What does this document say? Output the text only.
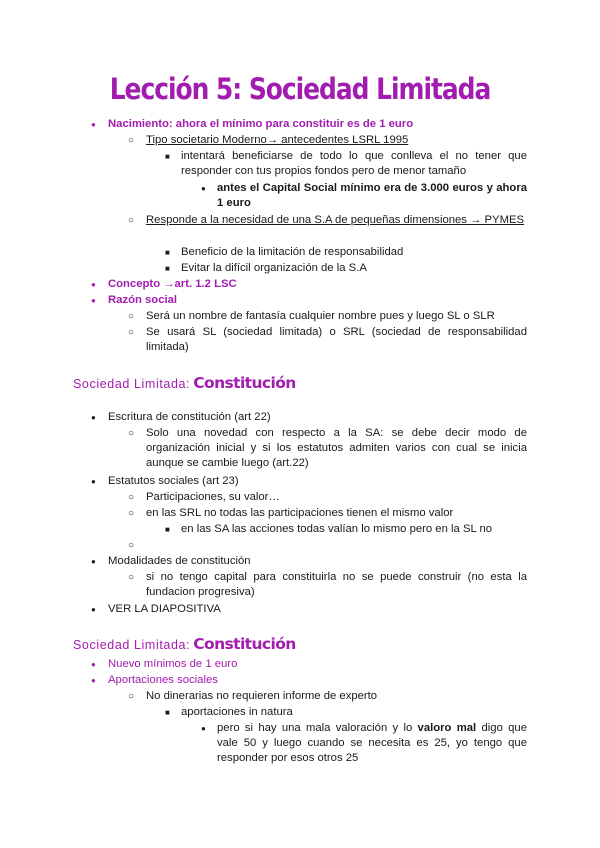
Lección 5: Sociedad Limitada
●
Nacimiento: ahora el mínimo para constituir es de 1 euro
○
Tipo societario Moderno→ antecedentes LSRL 1995
■
intentará beneficiarse de todo lo que conlleva el no tener que responder con tus propios fondos pero de menor tamaño
●
antes el Capital Social mínimo era de 3.000 euros y ahora 1 euro
○
Responde a la necesidad de una S.A de pequeñas dimensiones → PYMES
■
Beneficio de la limitación de responsabilidad
■
Evitar la difícil organización de la S.A
●
Concepto →art. 1.2 LSC
●
Razón social
○
Será un nombre de fantasía cualquier nombre pues y luego SL o SLR
○
Se usará SL (sociedad limitada) o SRL (sociedad de responsabilidad limitada)
Sociedad Limitada: Constitución
●
Escritura de constitución (art 22)
○
Solo una novedad con respecto a la SA: se debe decir modo de organización inicial y si los estatutos admiten varios con cual se inicia aunque se cambie luego (art.22)
●
Estatutos sociales (art 23)
○
Participaciones, su valor…
○
en las SRL no todas las participaciones tienen el mismo valor
■
en las SA las acciones todas valían lo mismo pero en la SL no
○
●
Modalidades de constitución
○
si no tengo capital para constituirla no se puede construir (no esta la fundacion progresiva)
●
VER LA DIAPOSITIVA
Sociedad Limitada: Constitución
●
Nuevo mínimos de 1 euro
●
Aportaciones sociales
○
No dinerarias no requieren informe de experto
■
aportaciones in natura
●
pero si hay una mala valoración y lo valoro mal digo que vale 50 y luego cuando se necesita es 25, yo tengo que responder por esos otros 25
